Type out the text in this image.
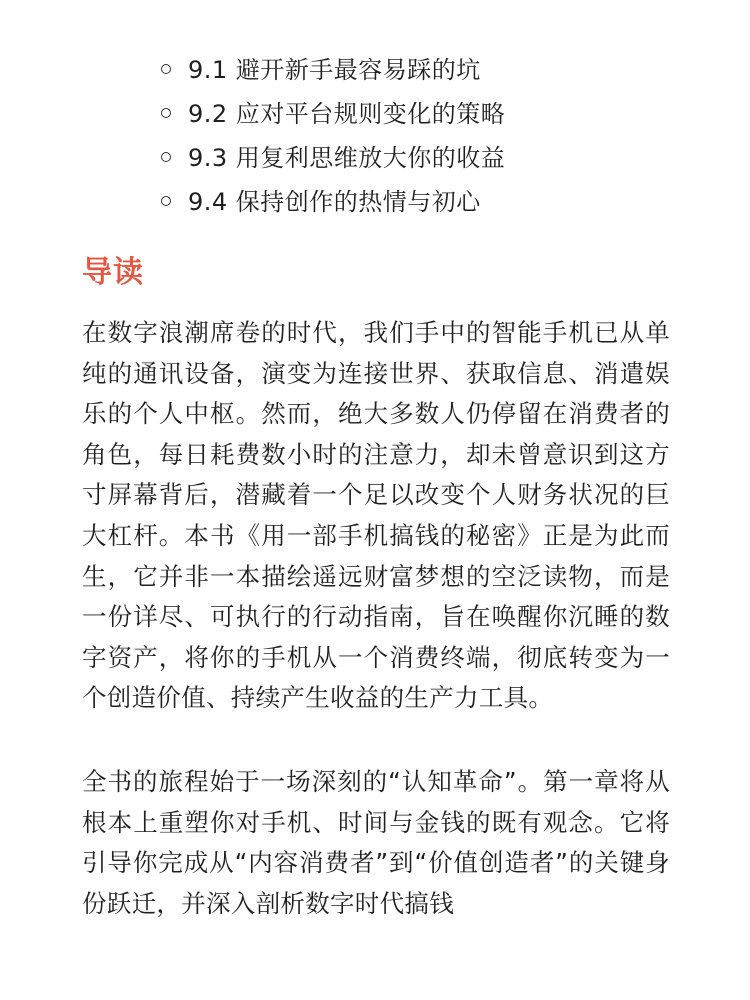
9.1 避开新手最容易踩的坑
9.2 应对平台规则变化的策略
9.3 用复利思维放大你的收益
9.4 保持创作的热情与初心
导读

在数字浪潮席卷的时代，我们手中的智能手机已从单纯的通讯设备，演变为连接世界、获取信息、消遣娱乐的个人中枢。然而，绝大多数人仍停留在消费者的角色，每日耗费数小时的注意力，却未曾意识到这方寸屏幕背后，潜藏着一个足以改变个人财务状况的巨大杠杆。本书《用一部手机搞钱的秘密》正是为此而生，它并非一本描绘遥远财富梦想的空泛读物，而是一份详尽、可执行的行动指南，旨在唤醒你沉睡的数字资产，将你的手机从一个消费终端，彻底转变为一个创造价值、持续产生收益的生产力工具。

全书的旅程始于一场深刻的“认知革命”。第一章将从根本上重塑你对手机、时间与金钱的既有观念。它将引导你完成从“内容消费者”到“价值创造者”的关键身份跃迁，并深入剖析数字时代搞钱
